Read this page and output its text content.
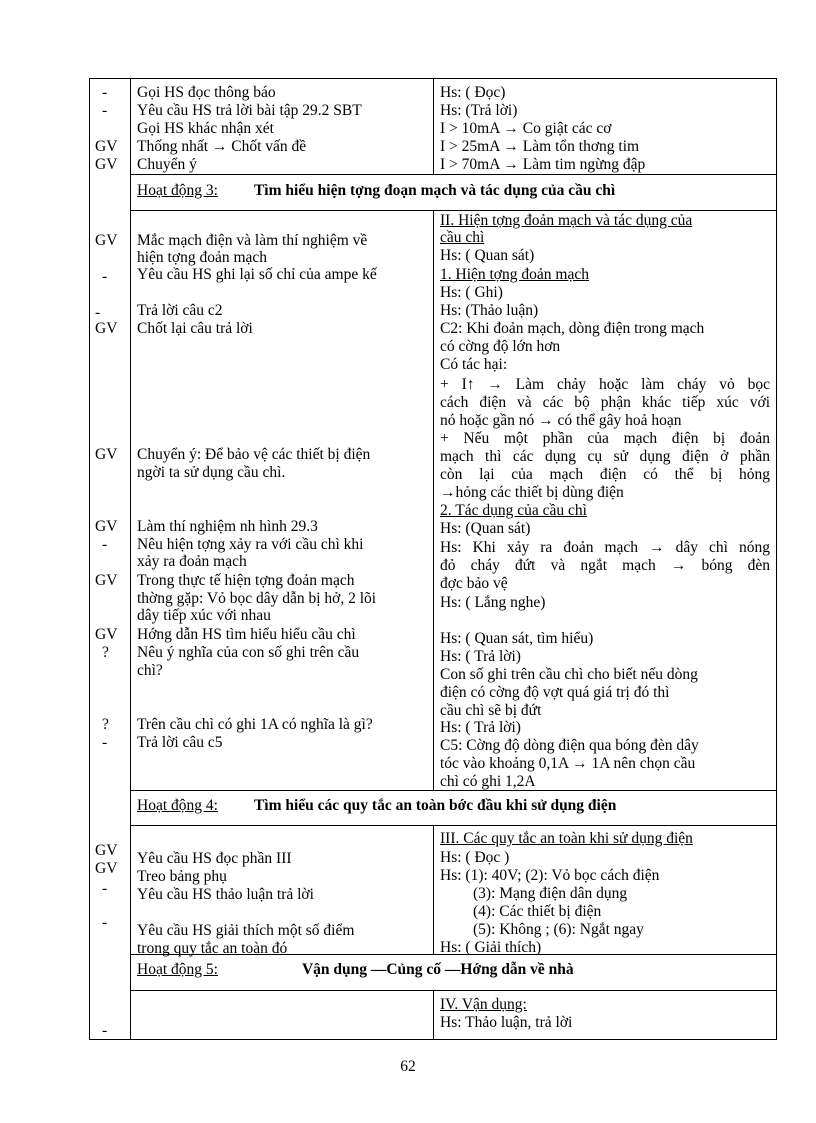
-
-
GV
GV
Gọi HS đọc thông báo
Yêu cầu HS trả lời bài tập 29.2 SBT
Gọi HS khác nhận xét
Thống nhất → Chốt vấn đề
Chuyển ý
Hs: ( Đọc)
Hs: (Trả lời)
I > 10mA → Co giật các cơ
I > 25mA → Làm tổn thơng tim
I > 70mA → Làm tim ngừng đập
Hoạt động 3: Tìm hiểu hiện tợng đoạn mạch và tác dụng của cầu chì
GV
-
-
GV
GV
GV
-
GV
GV
?
?
-
Mắc mạch điện và làm thí nghiệm về
hiện tợng đoản mạch
Yêu cầu HS ghi lại số chỉ của ampe kế
Trả lời câu c2
Chốt lại câu trả lời
Chuyển ý: Để bảo vệ các thiết bị điện
ngời ta sử dụng cầu chì.
Làm thí nghiệm nh hình 29.3
Nêu hiện tợng xảy ra với cầu chì khi
xảy ra đoản mạch
Trong thực tế hiện tợng đoản mạch
thờng gặp: Vỏ bọc dây dẫn bị hở, 2 lõi
dây tiếp xúc với nhau
Hớng dẫn HS tìm hiểu hiểu cầu chì
Nêu ý nghĩa của con số ghi trên cầu
chì?
Trên cầu chì có ghi 1A có nghĩa là gì?
Trả lời câu c5
II. Hiện tợng đoản mạch và tác dụng của
cầu chì
Hs: ( Quan sát)
1. Hiện tợng đoản mạch
Hs: ( Ghi)
Hs: (Thảo luận)
C2: Khi đoản mạch, dòng điện trong mạch
có cờng độ lớn hơn
Có tác hại:
+ I↑ → Làm chảy hoặc làm cháy vỏ bọc
cách điện và các bộ phận khác tiếp xúc với
nó hoặc gần nó → có thể gây hoả hoạn
+ Nếu một phần của mạch điện bị đoản
mạch thì các dụng cụ sử dụng điện ở phần
còn lại của mạch điện có thể bị hỏng
→hỏng các thiết bị dùng điện
2. Tác dụng của cầu chì
Hs: (Quan sát)
Hs: Khi xảy ra đoản mạch → dây chì nóng
đỏ cháy đứt và ngắt mạch → bóng đèn
đợc bảo vệ
Hs: ( Lắng nghe)
Hs: ( Quan sát, tìm hiểu)
Hs: ( Trả lời)
Con số ghi trên cầu chì cho biết nếu dòng
điện có cờng độ vợt quá giá trị đó thì
cầu chì sẽ bị đứt
Hs: ( Trả lời)
C5: Cờng độ dòng điện qua bóng đèn dây
tóc vào khoảng 0,1A → 1A nên chọn cầu
chì có ghi 1,2A
Hoạt động 4: Tìm hiểu các quy tắc an toàn bớc đầu khi sử dụng điện
GV
GV
-
-
Yêu cầu HS đọc phần III
Treo bảng phụ
Yêu cầu HS thảo luận trả lời
Yêu cầu HS giải thích một số điểm
trong quy tắc an toàn đó
III. Các quy tắc an toàn khi sử dụng điện
Hs: ( Đọc )
Hs: (1): 40V; (2): Vỏ bọc cách điện
(3): Mạng điện dân dụng
(4): Các thiết bị điện
(5): Không ; (6): Ngắt ngay
Hs: ( Giải thích)
Hoạt động 5:	Vận dụng —Củng cố —Hớng dẫn về nhà
-
IV. Vận dụng:
Hs: Thảo luận, trả lời
62
